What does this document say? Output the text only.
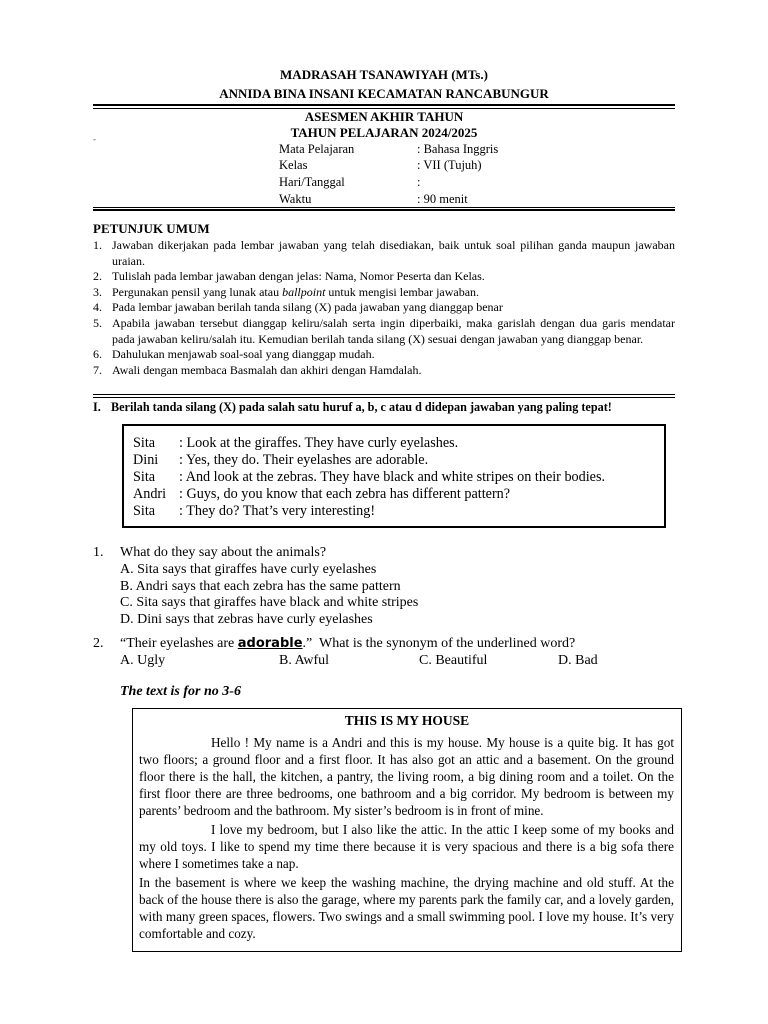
MADRASAH TSANAWIYAH (MTs.)
ANNIDA BINA INSANI KECAMATAN RANCABUNGUR
ASESMEN AKHIR TAHUN
TAHUN PELAJARAN 2024/2025
-
Mata Pelajaran	: Bahasa Inggris
Kelas	: VII (Tujuh)
Hari/Tanggal	:
Waktu	: 90 menit
PETUNJUK UMUM
1. Jawaban dikerjakan pada lembar jawaban yang telah disediakan, baik untuk soal pilihan ganda maupun jawaban uraian.
2. Tulislah pada lembar jawaban dengan jelas: Nama, Nomor Peserta dan Kelas.
3. Pergunakan pensil yang lunak atau ballpoint untuk mengisi lembar jawaban.
4. Pada lembar jawaban berilah tanda silang (X) pada jawaban yang dianggap benar
5. Apabila jawaban tersebut dianggap keliru/salah serta ingin diperbaiki, maka garislah dengan dua garis mendatar pada jawaban keliru/salah itu. Kemudian berilah tanda silang (X) sesuai dengan jawaban yang dianggap benar.
6. Dahulukan menjawab soal-soal yang dianggap mudah.
7. Awali dengan membaca Basmalah dan akhiri dengan Hamdalah.
I. Berilah tanda silang (X) pada salah satu huruf a, b, c atau d didepan jawaban yang paling tepat!
Sita : Look at the giraffes. They have curly eyelashes.
Dini : Yes, they do. Their eyelashes are adorable.
Sita : And look at the zebras. They have black and white stripes on their bodies.
Andri : Guys, do you know that each zebra has different pattern?
Sita : They do? That’s very interesting!
1. What do they say about the animals?
A. Sita says that giraffes have curly eyelashes
B. Andri says that each zebra has the same pattern
C. Sita says that giraffes have black and white stripes
D. Dini says that zebras have curly eyelashes
2. “Their eyelashes are adorable.”  What is the synonym of the underlined word?
A. Ugly	B. Awful	C. Beautiful	D. Bad
The text is for no 3-6
THIS IS MY HOUSE

Hello ! My name is a Andri and this is my house. My house is a quite big. It has got two floors; a ground floor and a first floor. It has also got an attic and a basement. On the ground floor there is the hall, the kitchen, a pantry, the living room, a big dining room and a toilet. On the first floor there are three bedrooms, one bathroom and a big corridor. My bedroom is between my parents’ bedroom and the bathroom. My sister’s bedroom is in front of mine.

I love my bedroom, but I also like the attic. In the attic I keep some of my books and my old toys. I like to spend my time there because it is very spacious and there is a big sofa there where I sometimes take a nap.

In the basement is where we keep the washing machine, the drying machine and old stuff. At the back of the house there is also the garage, where my parents park the family car, and a lovely garden, with many green spaces, flowers. Two swings and a small swimming pool. I love my house. It’s very comfortable and cozy.
